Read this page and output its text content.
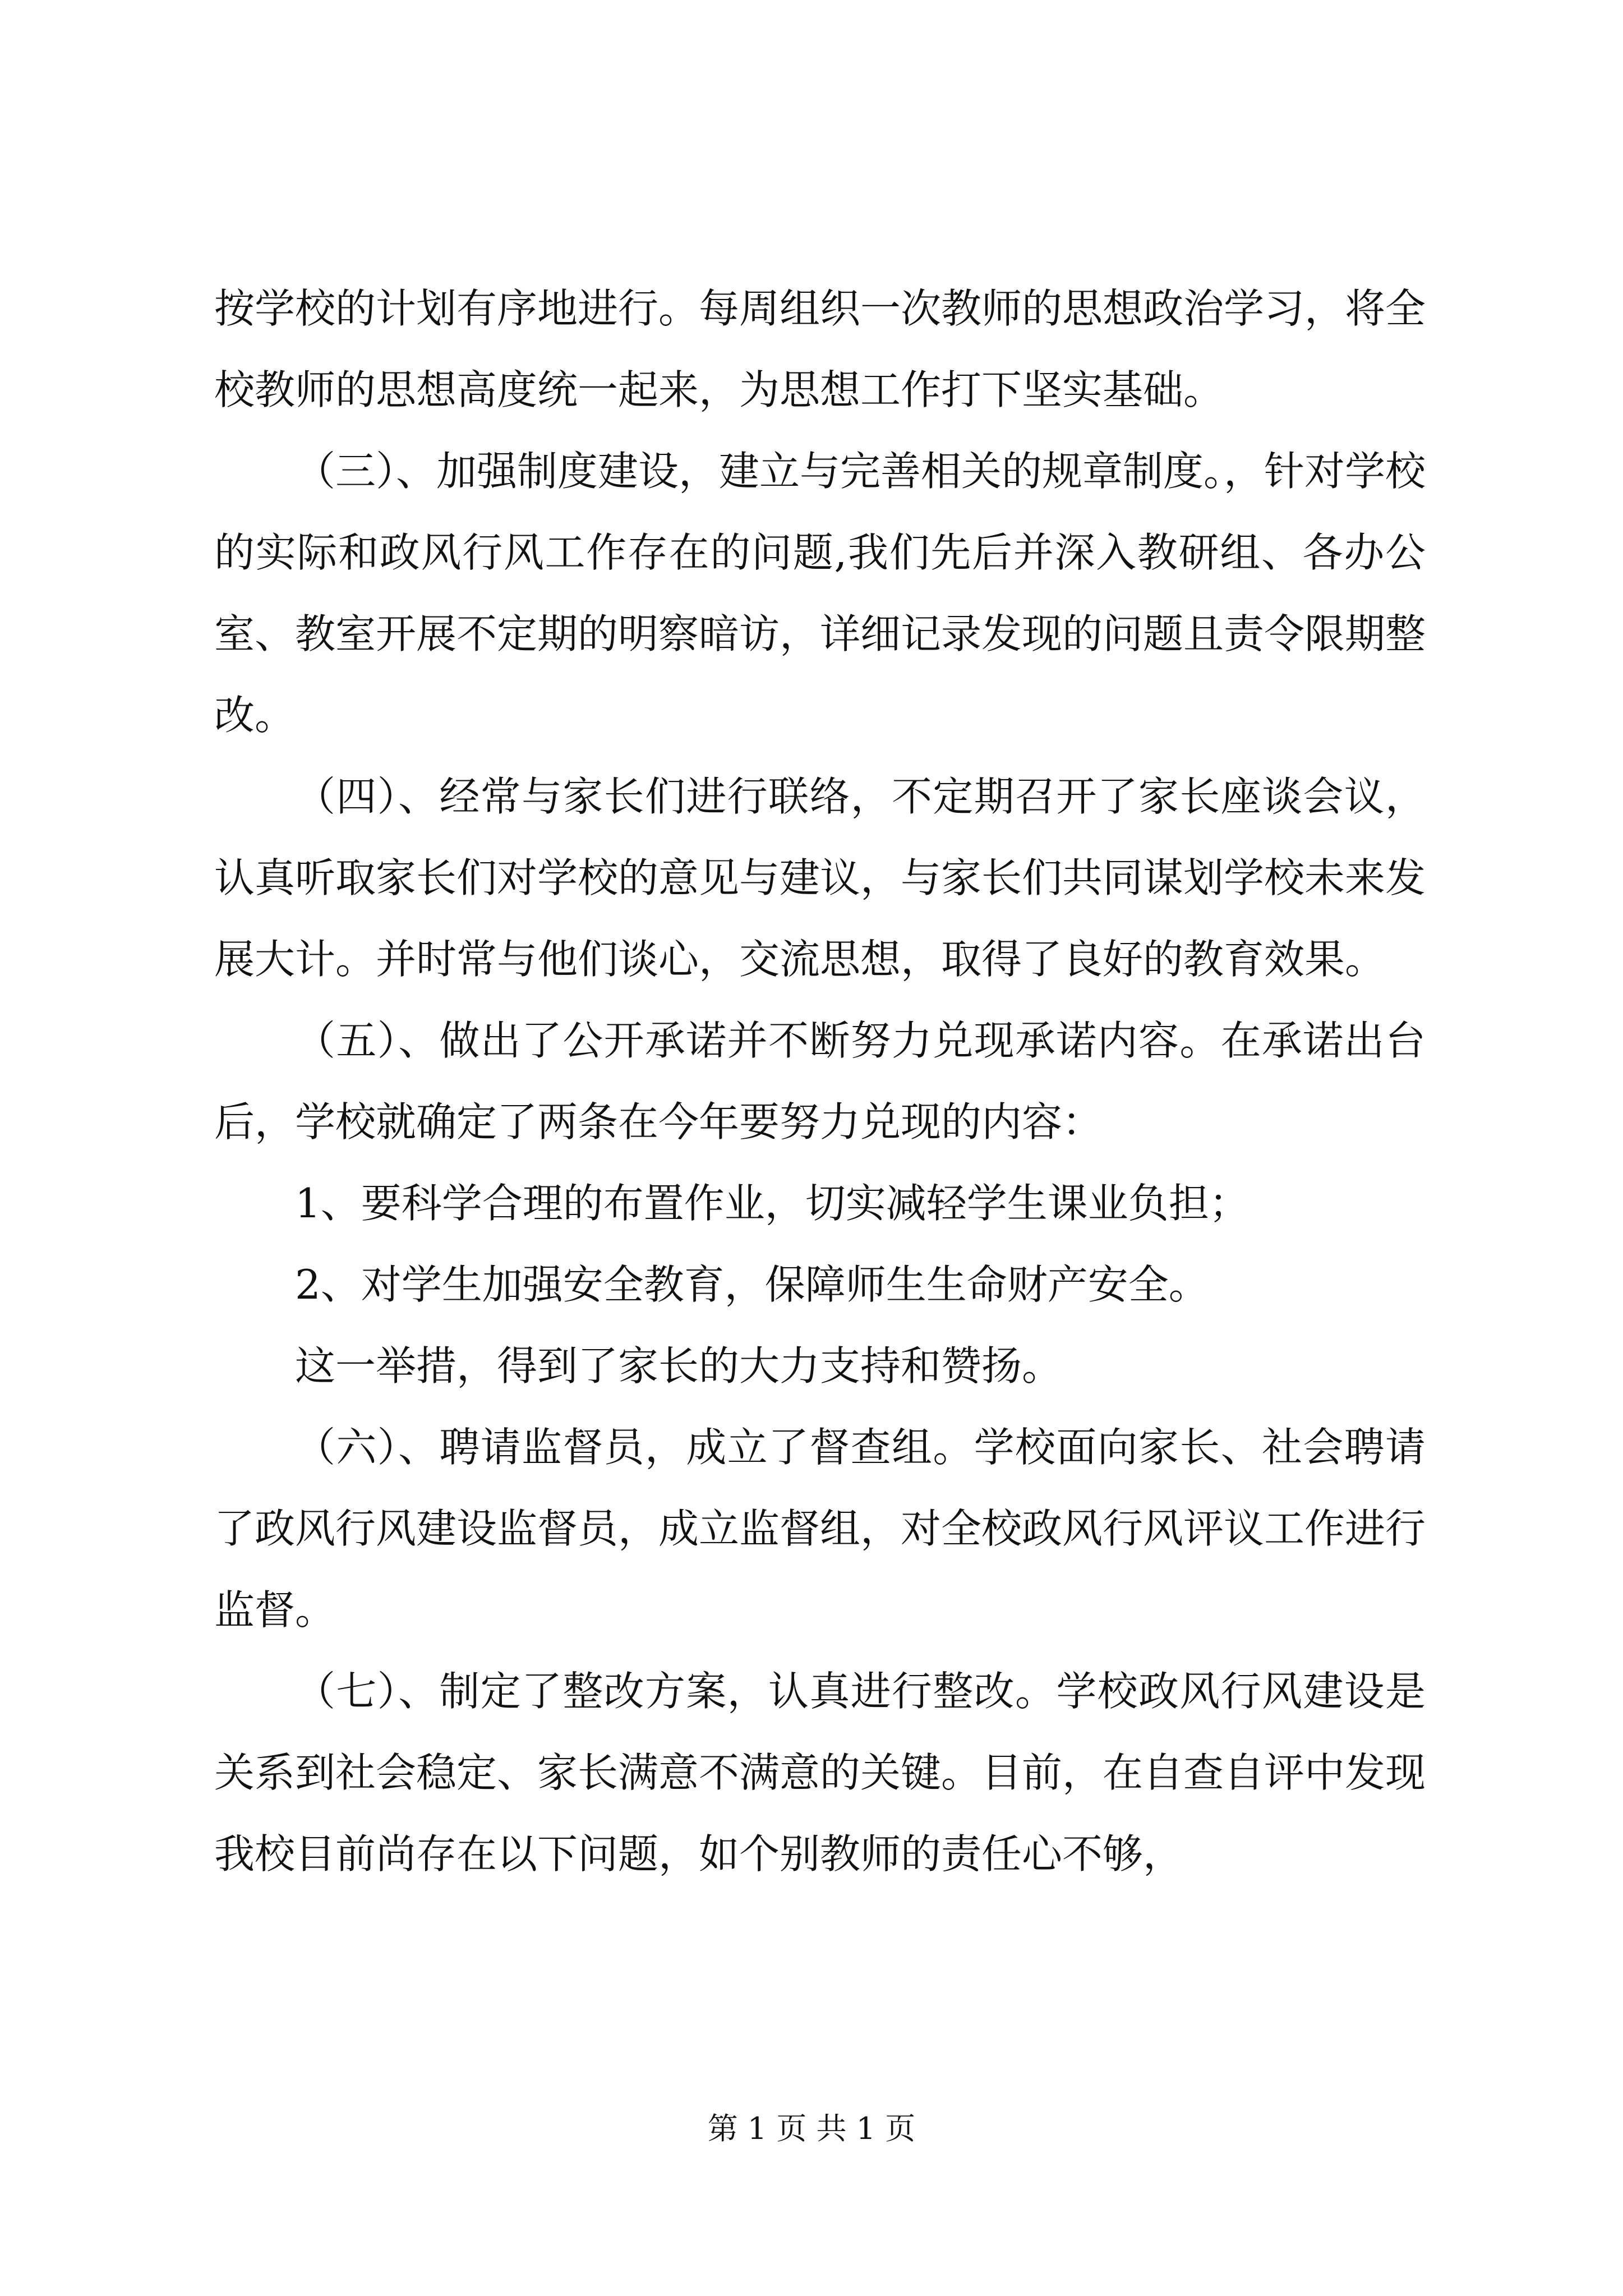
按学校的计划有序地进行。每周组织一次教师的思想政治学习，将全校教师的思想高度统一起来，为思想工作打下坚实基础。

（三）、加强制度建设，建立与完善相关的规章制度。，针对学校的实际和政风行风工作存在的问题,我们先后并深入教研组、各办公室、教室开展不定期的明察暗访，详细记录发现的问题且责令限期整改。

（四）、经常与家长们进行联络，不定期召开了家长座谈会议，认真听取家长们对学校的意见与建议，与家长们共同谋划学校未来发展大计。并时常与他们谈心，交流思想，取得了良好的教育效果。

（五）、做出了公开承诺并不断努力兑现承诺内容。在承诺出台后，学校就确定了两条在今年要努力兑现的内容：

1、要科学合理的布置作业，切实减轻学生课业负担；

2、对学生加强安全教育，保障师生生命财产安全。

这一举措，得到了家长的大力支持和赞扬。

（六）、聘请监督员，成立了督查组。学校面向家长、社会聘请了政风行风建设监督员，成立监督组，对全校政风行风评议工作进行监督。

（七）、制定了整改方案，认真进行整改。学校政风行风建设是关系到社会稳定、家长满意不满意的关键。目前，在自查自评中发现我校目前尚存在以下问题，如个别教师的责任心不够，

第 1 页 共 1 页
